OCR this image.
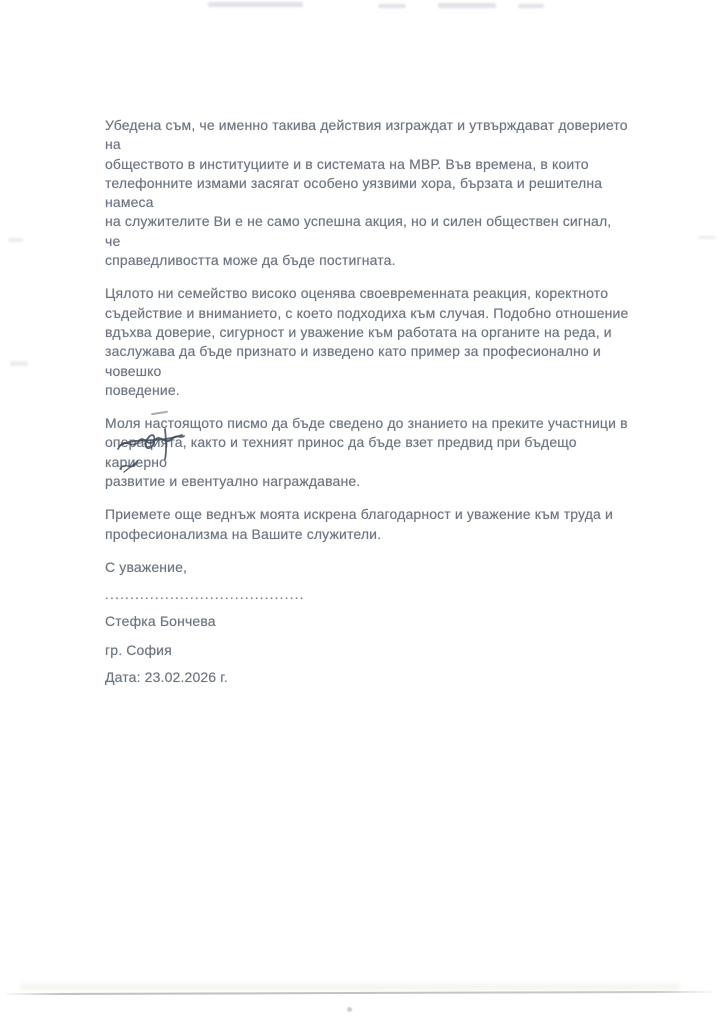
Убедена съм, че именно такива действия изграждат и утвърждават доверието на
обществото в институциите и в системата на МВР. Във времена, в които
телефонните измами засягат особено уязвими хора, бързата и решителна намеса
на служителите Ви е не само успешна акция, но и силен обществен сигнал, че
справедливостта може да бъде постигната.

Цялото ни семейство високо оценява своевременната реакция, коректното
съдействие и вниманието, с което подходиха към случая. Подобно отношение
вдъхва доверие, сигурност и уважение към работата на органите на реда, и
заслужава да бъде признато и изведено като пример за професионално и човешко
поведение.

Моля настоящото писмо да бъде сведено до знанието на преките участници в
операцията, както и техният принос да бъде взет предвид при бъдещо кариерно
развитие и евентуално награждаване.

Приемете още веднъж моята искрена благодарност и уважение към труда и
професионализма на Вашите служители.

С уважение,
........................................
Стефка Бончева
гр. София
Дата: 23.02.2026 г.
